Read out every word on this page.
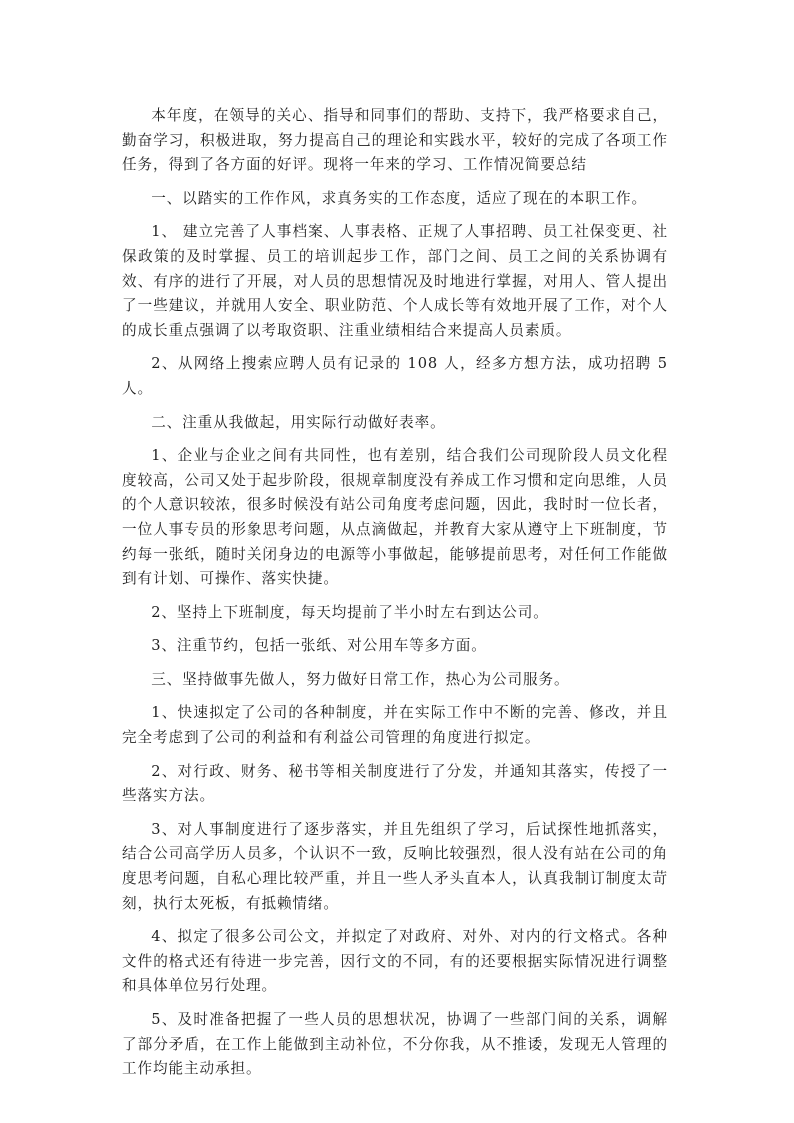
本年度，在领导的关心、指导和同事们的帮助、支持下，我严格要求自己，勤奋学习，积极进取，努力提高自己的理论和实践水平，较好的完成了各项工作任务，得到了各方面的好评。现将一年来的学习、工作情况简要总结

一、以踏实的工作作风，求真务实的工作态度，适应了现在的本职工作。

1、 建立完善了人事档案、人事表格、正规了人事招聘、员工社保变更、社保政策的及时掌握、员工的培训起步工作，部门之间、员工之间的关系协调有效、有序的进行了开展，对人员的思想情况及时地进行掌握，对用人、管人提出了一些建议，并就用人安全、职业防范、个人成长等有效地开展了工作，对个人的成长重点强调了以考取资职、注重业绩相结合来提高人员素质。

2、从网络上搜索应聘人员有记录的 108 人，经多方想方法，成功招聘 5 人。

二、注重从我做起，用实际行动做好表率。

1、企业与企业之间有共同性，也有差别，结合我们公司现阶段人员文化程度较高，公司又处于起步阶段，很规章制度没有养成工作习惯和定向思维，人员的个人意识较浓，很多时候没有站公司角度考虑问题，因此，我时时一位长者，一位人事专员的形象思考问题，从点滴做起，并教育大家从遵守上下班制度，节约每一张纸，随时关闭身边的电源等小事做起，能够提前思考，对任何工作能做到有计划、可操作、落实快捷。

2、坚持上下班制度，每天均提前了半小时左右到达公司。

3、注重节约，包括一张纸、对公用车等多方面。

三、坚持做事先做人，努力做好日常工作，热心为公司服务。

1、快速拟定了公司的各种制度，并在实际工作中不断的完善、修改，并且完全考虑到了公司的利益和有利益公司管理的角度进行拟定。

2、对行政、财务、秘书等相关制度进行了分发，并通知其落实，传授了一些落实方法。

3、对人事制度进行了逐步落实，并且先组织了学习，后试探性地抓落实，结合公司高学历人员多，个认识不一致，反响比较强烈，很人没有站在公司的角度思考问题，自私心理比较严重，并且一些人矛头直本人，认真我制订制度太苛刻，执行太死板，有抵赖情绪。

4、拟定了很多公司公文，并拟定了对政府、对外、对内的行文格式。各种文件的格式还有待进一步完善，因行文的不同，有的还要根据实际情况进行调整和具体单位另行处理。

5、及时准备把握了一些人员的思想状况，协调了一些部门间的关系，调解了部分矛盾，在工作上能做到主动补位，不分你我，从不推诿，发现无人管理的工作均能主动承担。
